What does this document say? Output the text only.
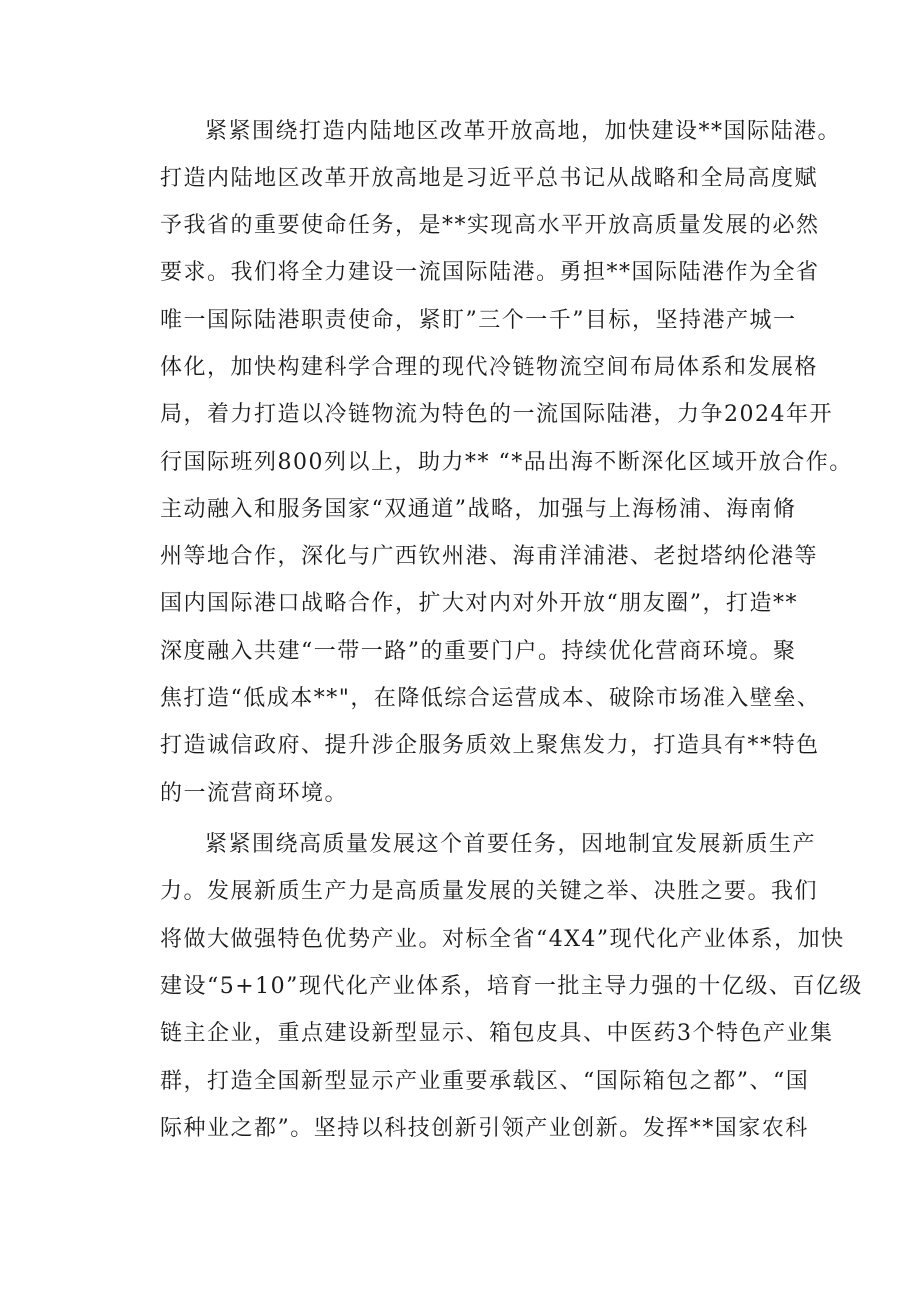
紧紧围绕打造内陆地区改革开放高地，加快建设**国际陆港。
打造内陆地区改革开放高地是习近平总书记从战略和全局高度赋
予我省的重要使命任务，是**实现高水平开放高质量发展的必然
要求。我们将全力建设一流国际陆港。勇担**国际陆港作为全省
唯一国际陆港职责使命，紧盯”三个一千”目标，坚持港产城一
体化，加快构建科学合理的现代冷链物流空间布局体系和发展格
局，着力打造以冷链物流为特色的一流国际陆港，力争2024年开
行国际班列800列以上，助力** “*品出海不断深化区域开放合作。
主动融入和服务国家“双通道”战略，加强与上海杨浦、海南脩
州等地合作，深化与广西钦州港、海甫洋浦港、老挝塔纳伦港等
国内国际港口战略合作，扩大对内对外开放“朋友圈”，打造**
深度融入共建“一带一路”的重要门户。持续优化营商环境。聚
焦打造“低成本**"，在降低综合运营成本、破除市场准入壁垒、
打造诚信政府、提升涉企服务质效上聚焦发力，打造具有**特色
的一流营商环境。
紧紧围绕高质量发展这个首要任务，因地制宜发展新质生产
力。发展新质生产力是高质量发展的关键之举、决胜之要。我们
将做大做强特色优势产业。对标全省“4X4”现代化产业体系，加快
建设“5+10”现代化产业体系，培育一批主导力强的十亿级、百亿级
链主企业，重点建设新型显示、箱包皮具、中医药3个特色产业集
群，打造全国新型显示产业重要承载区、“国际箱包之都”、“国
际种业之都”。坚持以科技创新引领产业创新。发挥**国家农科
